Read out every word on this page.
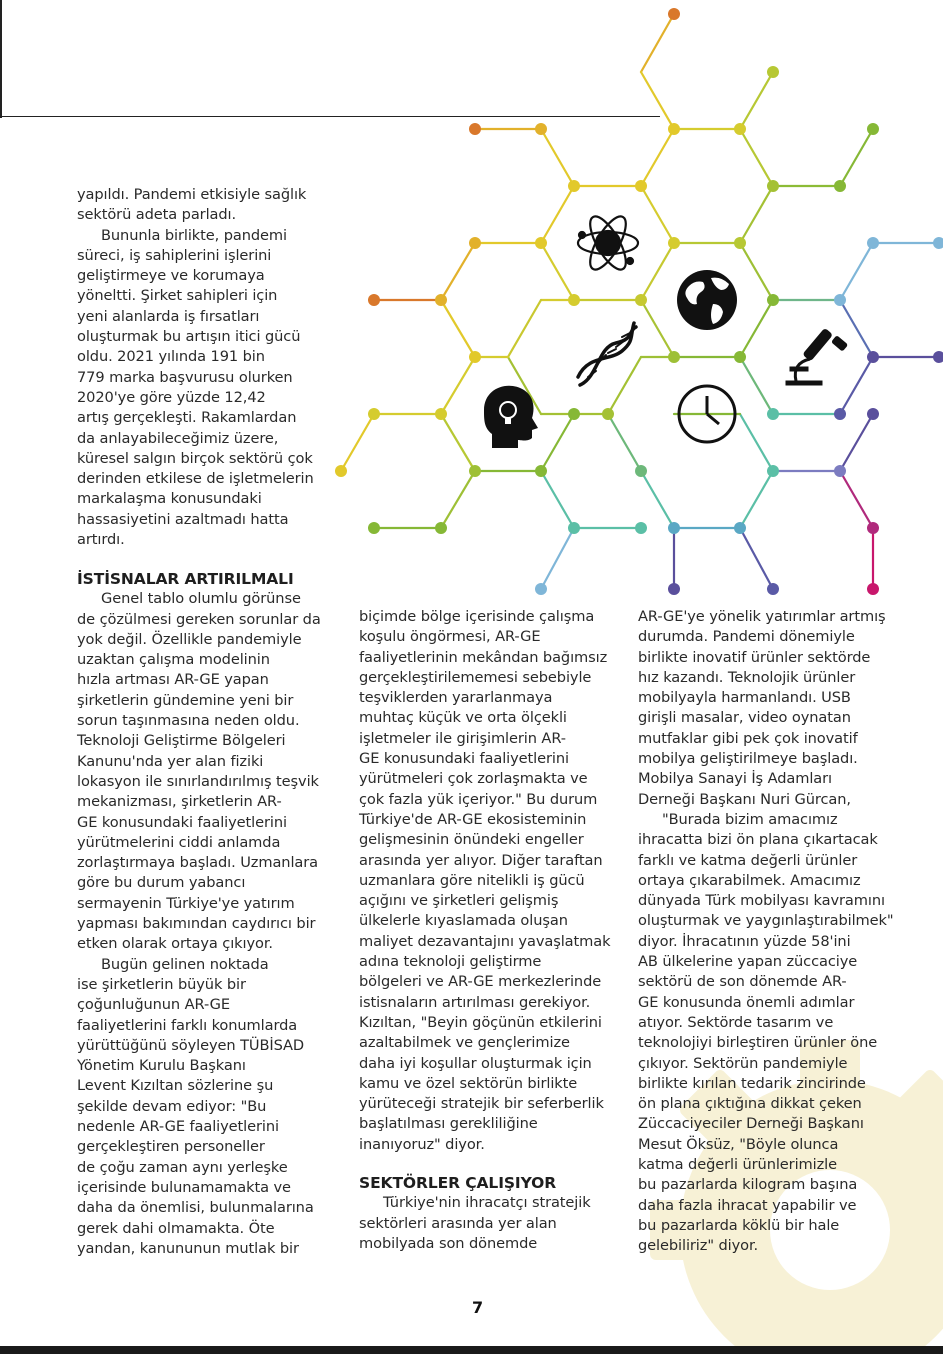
yapıldı. Pandemi etkisiyle sağlık

sektörü adeta parladı.

Bununla birlikte, pandemi

süreci, iş sahiplerini işlerini

geliştirmeye ve korumaya

yöneltti. Şirket sahipleri için

yeni alanlarda iş fırsatları

oluşturmak bu artışın itici gücü

oldu. 2021 yılında 191 bin

779 marka başvurusu olurken

2020'ye göre yüzde 12,42

artış gerçekleşti. Rakamlardan

da anlayabileceğimiz üzere,

küresel salgın birçok sektörü çok

derinden etkilese de işletmelerin

markalaşma konusundaki

hassasiyetini azaltmadı hatta

artırdı.

İSTİSNALAR ARTIRILMALI

Genel tablo olumlu görünse

de çözülmesi gereken sorunlar da

yok değil. Özellikle pandemiyle

uzaktan çalışma modelinin

hızla artması AR-GE yapan

şirketlerin gündemine yeni bir

sorun taşınmasına neden oldu.

Teknoloji Geliştirme Bölgeleri

Kanunu'nda yer alan fiziki

lokasyon ile sınırlandırılmış teşvik

mekanizması, şirketlerin AR-

GE konusundaki faaliyetlerini

yürütmelerini ciddi anlamda

zorlaştırmaya başladı. Uzmanlara

göre bu durum yabancı

sermayenin Türkiye'ye yatırım

yapması bakımından caydırıcı bir

etken olarak ortaya çıkıyor.

Bugün gelinen noktada

ise şirketlerin büyük bir

çoğunluğunun AR-GE

faaliyetlerini farklı konumlarda

yürüttüğünü söyleyen TÜBİSAD

Yönetim Kurulu Başkanı

Levent Kızıltan sözlerine şu

şekilde devam ediyor: "Bu

nedenle AR-GE faaliyetlerini

gerçekleştiren personeller

de çoğu zaman aynı yerleşke

içerisinde bulunamamakta ve

daha da önemlisi, bulunmalarına

gerek dahi olmamakta. Öte

yandan, kanununun mutlak bir

biçimde bölge içerisinde çalışma

koşulu öngörmesi, AR-GE

faaliyetlerinin mekândan bağımsız

gerçekleştirilememesi sebebiyle

teşviklerden yararlanmaya

muhtaç küçük ve orta ölçekli

işletmeler ile girişimlerin AR-

GE konusundaki faaliyetlerini

yürütmeleri çok zorlaşmakta ve

çok fazla yük içeriyor." Bu durum

Türkiye'de AR-GE ekosisteminin

gelişmesinin önündeki engeller

arasında yer alıyor. Diğer taraftan

uzmanlara göre nitelikli iş gücü

açığını ve şirketleri gelişmiş

ülkelerle kıyaslamada oluşan

maliyet dezavantajını yavaşlatmak

adına teknoloji geliştirme

bölgeleri ve AR-GE merkezlerinde

istisnaların artırılması gerekiyor.

Kızıltan, "Beyin göçünün etkilerini

azaltabilmek ve gençlerimize

daha iyi koşullar oluşturmak için

kamu ve özel sektörün birlikte

yürüteceği stratejik bir seferberlik

başlatılması gerekliliğine

inanıyoruz" diyor.

SEKTÖRLER ÇALIŞIYOR

Türkiye'nin ihracatçı stratejik

sektörleri arasında yer alan

mobilyada son dönemde

AR-GE'ye yönelik yatırımlar artmış

durumda. Pandemi dönemiyle

birlikte inovatif ürünler sektörde

hız kazandı. Teknolojik ürünler

mobilyayla harmanlandı. USB

girişli masalar, video oynatan

mutfaklar gibi pek çok inovatif

mobilya geliştirilmeye başladı.

Mobilya Sanayi İş Adamları

Derneği Başkanı Nuri Gürcan,

"Burada bizim amacımız

ihracatta bizi ön plana çıkartacak

farklı ve katma değerli ürünler

ortaya çıkarabilmek. Amacımız

dünyada Türk mobilyası kavramını

oluşturmak ve yaygınlaştırabilmek"

diyor. İhracatının yüzde 58'ini

AB ülkelerine yapan züccaciye

sektörü de son dönemde AR-

GE konusunda önemli adımlar

atıyor. Sektörde tasarım ve

teknolojiyi birleştiren ürünler öne

çıkıyor. Sektörün pandemiyle

birlikte kırılan tedarik zincirinde

ön plana çıktığına dikkat çeken

Züccaciyeciler Derneği Başkanı

Mesut Öksüz, "Böyle olunca

katma değerli ürünlerimizle

bu pazarlarda kilogram başına

daha fazla ihracat yapabilir ve

bu pazarlarda köklü bir hale

gelebiliriz" diyor.

7
